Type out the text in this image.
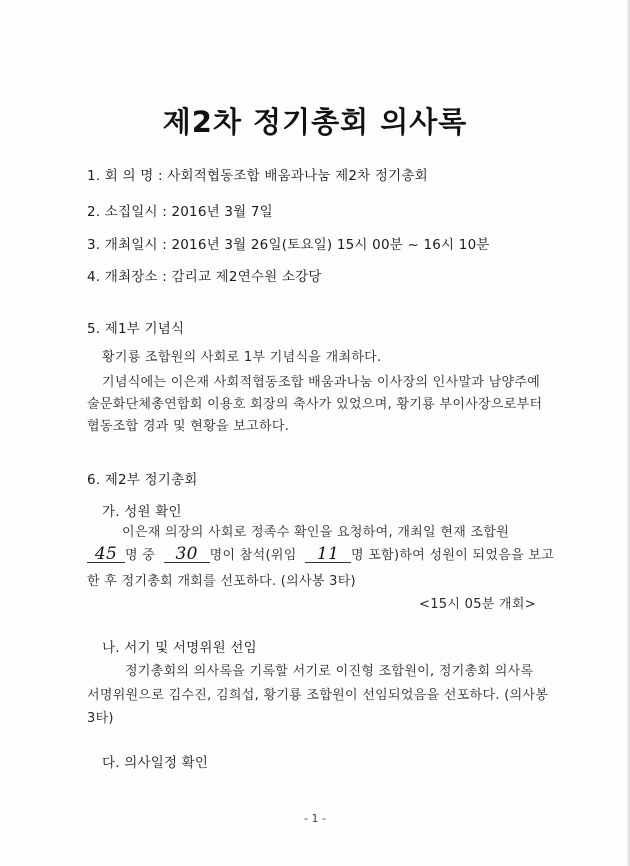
제2차 정기총회 의사록
1. 회 의 명 : 사회적협동조합 배움과나눔 제2차 정기총회
2. 소집일시 : 2016년 3월 7일
3. 개최일시 : 2016년 3월 26일(토요일) 15시 00분 ~ 16시 10분
4. 개최장소 : 감리교 제2연수원 소강당
5. 제1부 기념식
황기룡 조합원의 사회로 1부 기념식을 개최하다.
기념식에는 이은재 사회적협동조합 배움과나눔 이사장의 인사말과 남양주예
술문화단체총연합회 이용호 회장의 축사가 있었으며, 황기룡 부이사장으로부터
협동조합 경과 및 현황을 보고하다.
6. 제2부 정기총회
가. 성원 확인
이은재 의장의 사회로 정족수 확인을 요청하여, 개최일 현재 조합원
45 명 중 30 명이 참석(위임 11 명 포함)하여 성원이 되었음을 보고
한 후 정기총회 개회를 선포하다. (의사봉 3타)
<15시 05분 개회>
나. 서기 및 서명위원 선임
정기총회의 의사록을 기록할 서기로 이진형 조합원이, 정기총회 의사록
서명위원으로 김수진, 김희섭, 황기룡 조합원이 선임되었음을 선포하다. (의사봉
3타)
다. 의사일정 확인
- 1 -
